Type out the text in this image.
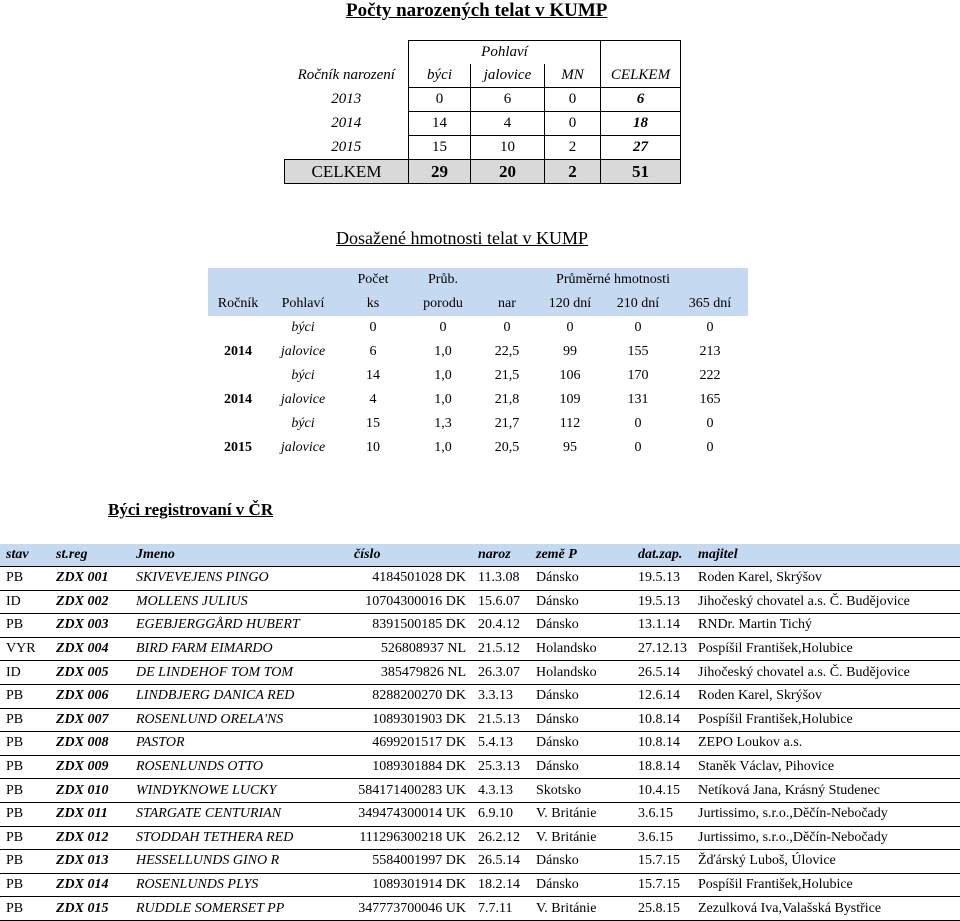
Počty narozených telat v KUMP
	Pohlaví			
Ročník narození	býci	jalovice	MN	CELKEM
2013	0	6	0	6
2014	14	4	0	18
2015	15	10	2	27
CELKEM	29	20	2	51
Dosažené hmotnosti telat v KUMP
		Počet	Průb.	Průměrné hmotnosti			
Ročník	Pohlaví	ks	porodu	nar	120 dní	210 dní	365 dní
	býci	0	0	0	0	0	0
2014	jalovice	6	1,0	22,5	99	155	213
	býci	14	1,0	21,5	106	170	222
2014	jalovice	4	1,0	21,8	109	131	165
	býci	15	1,3	21,7	112	0	0
2015	jalovice	10	1,0	20,5	95	0	0
Býci registrovaní v ČR
stav	st.reg	Jmeno	číslo	naroz	země P	dat.zap.	majitel
PB	ZDX 001	SKIVEVEJENS PINGO	4184501028 DK	11.3.08	Dánsko	19.5.13	Roden Karel, Skrýšov
ID	ZDX 002	MOLLENS JULIUS	10704300016 DK	15.6.07	Dánsko	19.5.13	Jihočeský chovatel a.s. Č. Budějovice
PB	ZDX 003	EGEBJERGGÅRD HUBERT	8391500185 DK	20.4.12	Dánsko	13.1.14	RNDr. Martin Tichý
VYR	ZDX 004	BIRD FARM EIMARDO	526808937 NL	21.5.12	Holandsko	27.12.13	Pospíšil František,Holubice
ID	ZDX 005	DE LINDEHOF TOM TOM	385479826 NL	26.3.07	Holandsko	26.5.14	Jihočeský chovatel a.s. Č. Budějovice
PB	ZDX 006	LINDBJERG DANICA RED	8288200270 DK	3.3.13	Dánsko	12.6.14	Roden Karel, Skrýšov
PB	ZDX 007	ROSENLUND ORELA'NS	1089301903 DK	21.5.13	Dánsko	10.8.14	Pospíšil František,Holubice
PB	ZDX 008	PASTOR	4699201517 DK	5.4.13	Dánsko	10.8.14	ZEPO Loukov a.s.
PB	ZDX 009	ROSENLUNDS OTTO	1089301884 DK	25.3.13	Dánsko	18.8.14	Staněk Václav, Pihovice
PB	ZDX 010	WINDYKNOWE LUCKY	584171400283 UK	4.3.13	Skotsko	10.4.15	Netíková Jana, Krásný Studenec
PB	ZDX 011	STARGATE CENTURIAN	349474300014 UK	6.9.10	V. Británie	3.6.15	Jurtissimo, s.r.o.,Děčín-Nebočady
PB	ZDX 012	STODDAH TETHERA RED	111296300218 UK	26.2.12	V. Británie	3.6.15	Jurtissimo, s.r.o.,Děčín-Nebočady
PB	ZDX 013	HESSELLUNDS GINO R	5584001997 DK	26.5.14	Dánsko	15.7.15	Žďárský Luboš, Úlovice
PB	ZDX 014	ROSENLUNDS PLYS	1089301914 DK	18.2.14	Dánsko	15.7.15	Pospíšil František,Holubice
PB	ZDX 015	RUDDLE SOMERSET PP	347773700046 UK	7.7.11	V. Británie	25.8.15	Zezulková Iva,Valašská Bystřice
